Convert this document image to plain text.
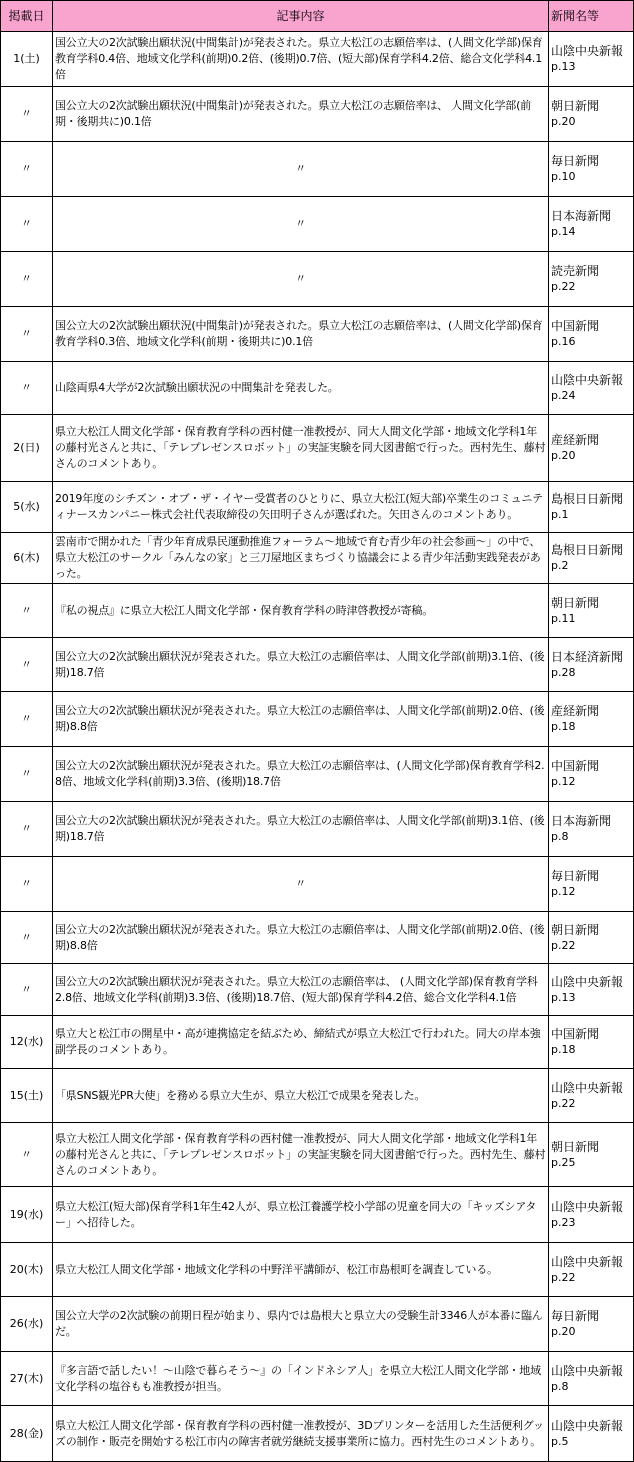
掲載日	記事内容	新聞名等
1(土)	国公立大の2次試験出願状況(中間集計)が発表された。県立大松江の志願倍率は、(人間文化学部)保育教育学科0.4倍、地域文化学科(前期)0.2倍、(後期)0.7倍、(短大部)保育学科4.2倍、総合文化学科4.1倍	山陰中央新報
p.13

〃	国公立大の2次試験出願状況(中間集計)が発表された。県立大松江の志願倍率は、 人間文化学部(前期・後期共に)0.1倍	朝日新聞
p.20

〃	〃	毎日新聞
p.10

〃	〃	日本海新聞
p.14

〃	〃	読売新聞
p.22

〃	国公立大の2次試験出願状況(中間集計)が発表された。県立大松江の志願倍率は、(人間文化学部)保育教育学科0.3倍、地域文化学科(前期・後期共に)0.1倍	中国新聞
p.16

〃	山陰両県4大学が2次試験出願状況の中間集計を発表した。	山陰中央新報
p.24

2(日)	県立大松江人間文化学部・保育教育学科の西村健一准教授が、同大人間文化学部・地域文化学科1年の藤村光さんと共に、「テレプレゼンスロボット」の実証実験を同大図書館で行った。西村先生、藤村さんのコメントあり。	産経新聞
p.20

5(水)	2019年度のシチズン・オブ・ザ・イヤー受賞者のひとりに、県立大松江(短大部)卒業生のコミュニティナースカンパニー株式会社代表取締役の矢田明子さんが選ばれた。矢田さんのコメントあり。	島根日日新聞
p.1

6(木)	雲南市で開かれた「青少年育成県民運動推進フォーラム～地域で育む青少年の社会参画～」の中で、県立大松江のサークル「みんなの家」と三刀屋地区まちづくり協議会による青少年活動実践発表があった。	島根日日新聞
p.2

〃	『私の視点』に県立大松江人間文化学部・保育教育学科の時津啓教授が寄稿。	朝日新聞
p.11

〃	国公立大の2次試験出願状況が発表された。県立大松江の志願倍率は、人間文化学部(前期)3.1倍、(後期)18.7倍	日本経済新聞
p.28

〃	国公立大の2次試験出願状況が発表された。県立大松江の志願倍率は、人間文化学部(前期)2.0倍、(後期)8.8倍	産経新聞
p.18

〃	国公立大の2次試験出願状況が発表された。県立大松江の志願倍率は、(人間文化学部)保育教育学科2.8倍、地域文化学科(前期)3.3倍、(後期)18.7倍	中国新聞
p.12

〃	国公立大の2次試験出願状況が発表された。県立大松江の志願倍率は、人間文化学部(前期)3.1倍、(後期)18.7倍	日本海新聞
p.8

〃	〃	毎日新聞
p.12

〃	国公立大の2次試験出願状況が発表された。県立大松江の志願倍率は、人間文化学部(前期)2.0倍、(後期)8.8倍	朝日新聞
p.22

〃	国公立大の2次試験出願状況が発表された。県立大松江の志願倍率は、 (人間文化学部)保育教育学科2.8倍、地域文化学科(前期)3.3倍、(後期)18.7倍、(短大部)保育学科4.2倍、総合文化学科4.1倍	山陰中央新報
p.13

12(水)	県立大と松江市の開星中・高が連携協定を結ぶため、締結式が県立大松江で行われた。同大の岸本強副学長のコメントあり。	中国新聞
p.18

15(土)	「県SNS観光PR大使」を務める県立大生が、県立大松江で成果を発表した。	山陰中央新報
p.22

〃	県立大松江人間文化学部・保育教育学科の西村健一准教授が、同大人間文化学部・地域文化学科1年の藤村光さんと共に、「テレプレゼンスロボット」の実証実験を同大図書館で行った。西村先生、藤村さんのコメントあり。	朝日新聞
p.25

19(水)	県立大松江(短大部)保育学科1年生42人が、県立松江養護学校小学部の児童を同大の「キッズシアター」へ招待した。	山陰中央新報
p.23

20(木)	県立大松江人間文化学部・地域文化学科の中野洋平講師が、松江市島根町を調査している。	山陰中央新報
p.22

26(水)	国公立大学の2次試験の前期日程が始まり、県内では島根大と県立大の受験生計3346人が本番に臨んだ。	毎日新聞
p.20

27(木)	『多言語で話したい！～山陰で暮らそう～』の「インドネシア人」を県立大松江人間文化学部・地域文化学科の塩谷もも准教授が担当。	山陰中央新報
p.8

28(金)	県立大松江人間文化学部・保育教育学科の西村健一准教授が、3Dプリンターを活用した生活便利グッズの制作・販売を開始する松江市内の障害者就労継続支援事業所に協力。西村先生のコメントあり。	山陰中央新報
p.5
